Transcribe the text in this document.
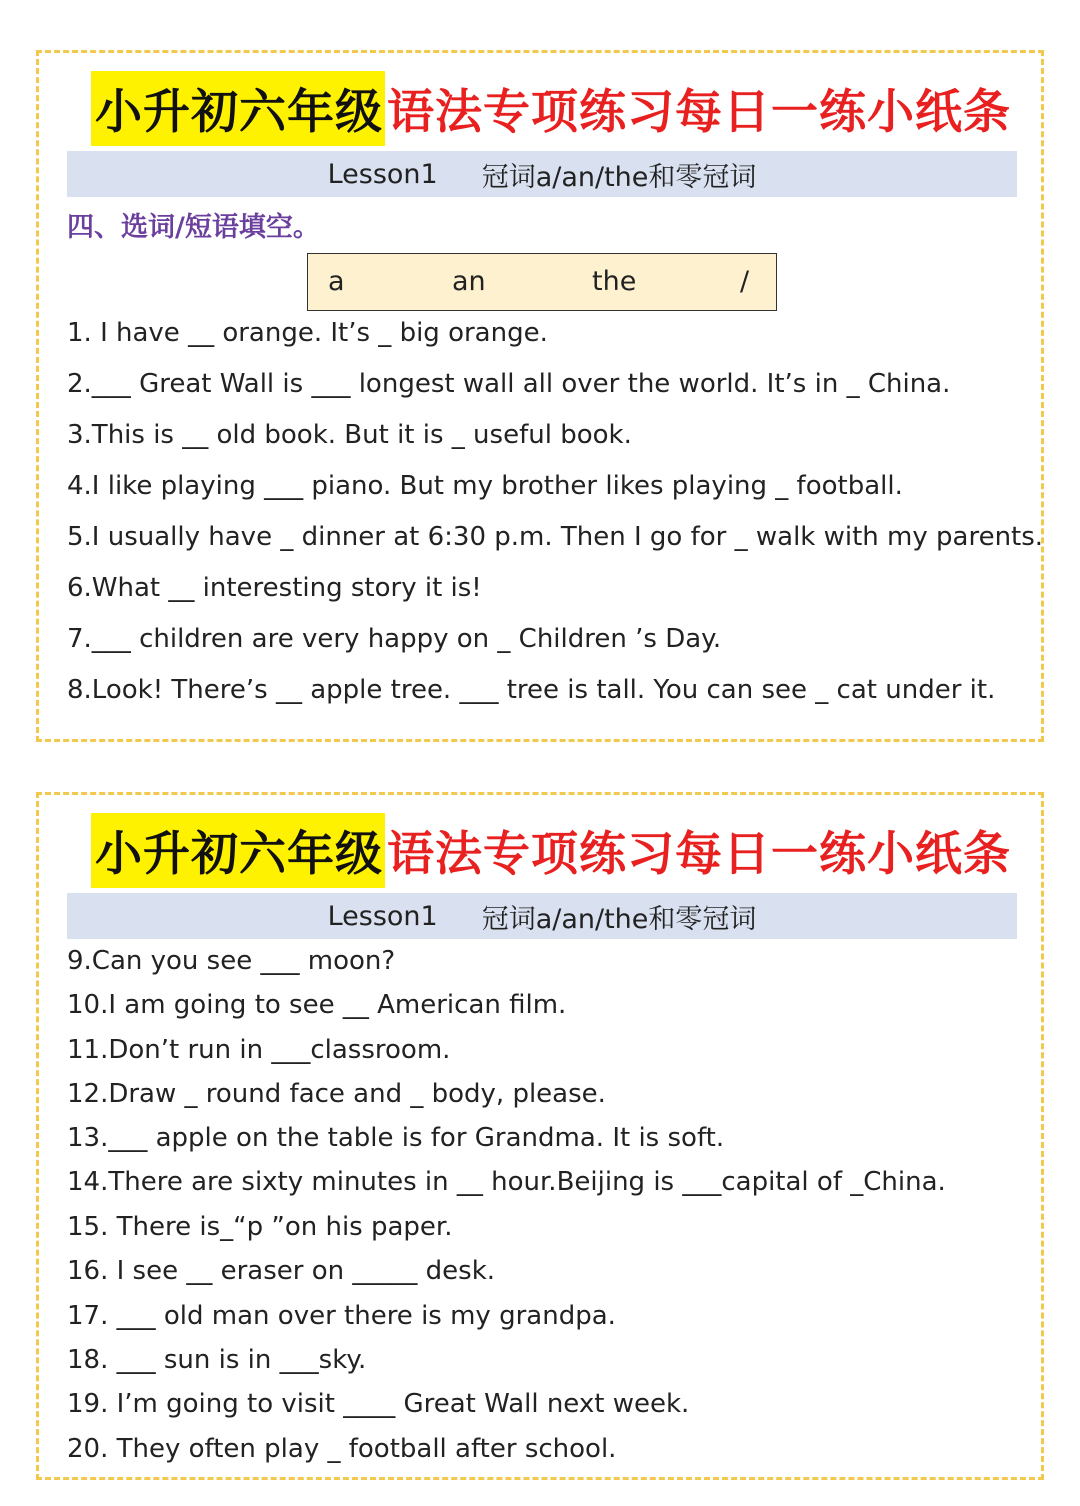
小升初六年级 语法专项练习每日一练小纸条
Lesson1 冠词a/an/the和零冠词
四、选词/短语填空。
a	an	the	/
1. I have __ orange. It’s _ big orange.
2.___ Great Wall is ___ longest wall all over the world. It’s in _ China.
3.This is __ old book. But it is _ useful book.
4.I like playing ___ piano. But my brother likes playing _ football.
5.I usually have _ dinner at 6:30 p.m. Then I go for _ walk with my parents.
6.What __ interesting story it is!
7.___ children are very happy on _ Children ’s Day.
8.Look! There’s __ apple tree. ___ tree is tall. You can see _ cat under it.
小升初六年级 语法专项练习每日一练小纸条
Lesson1 冠词a/an/the和零冠词
9.Can you see ___ moon?
10.I am going to see __ American film.
11.Don’t run in ___classroom.
12.Draw _ round face and _ body, please.
13.___ apple on the table is for Grandma. It is soft.
14.There are sixty minutes in __ hour.Beijing is ___capital of _China.
15. There is_“p ”on his paper.
16. I see __ eraser on _____ desk.
17. ___ old man over there is my grandpa.
18. ___ sun is in ___sky.
19. I’m going to visit ____ Great Wall next week.
20. They often play _ football after school.
